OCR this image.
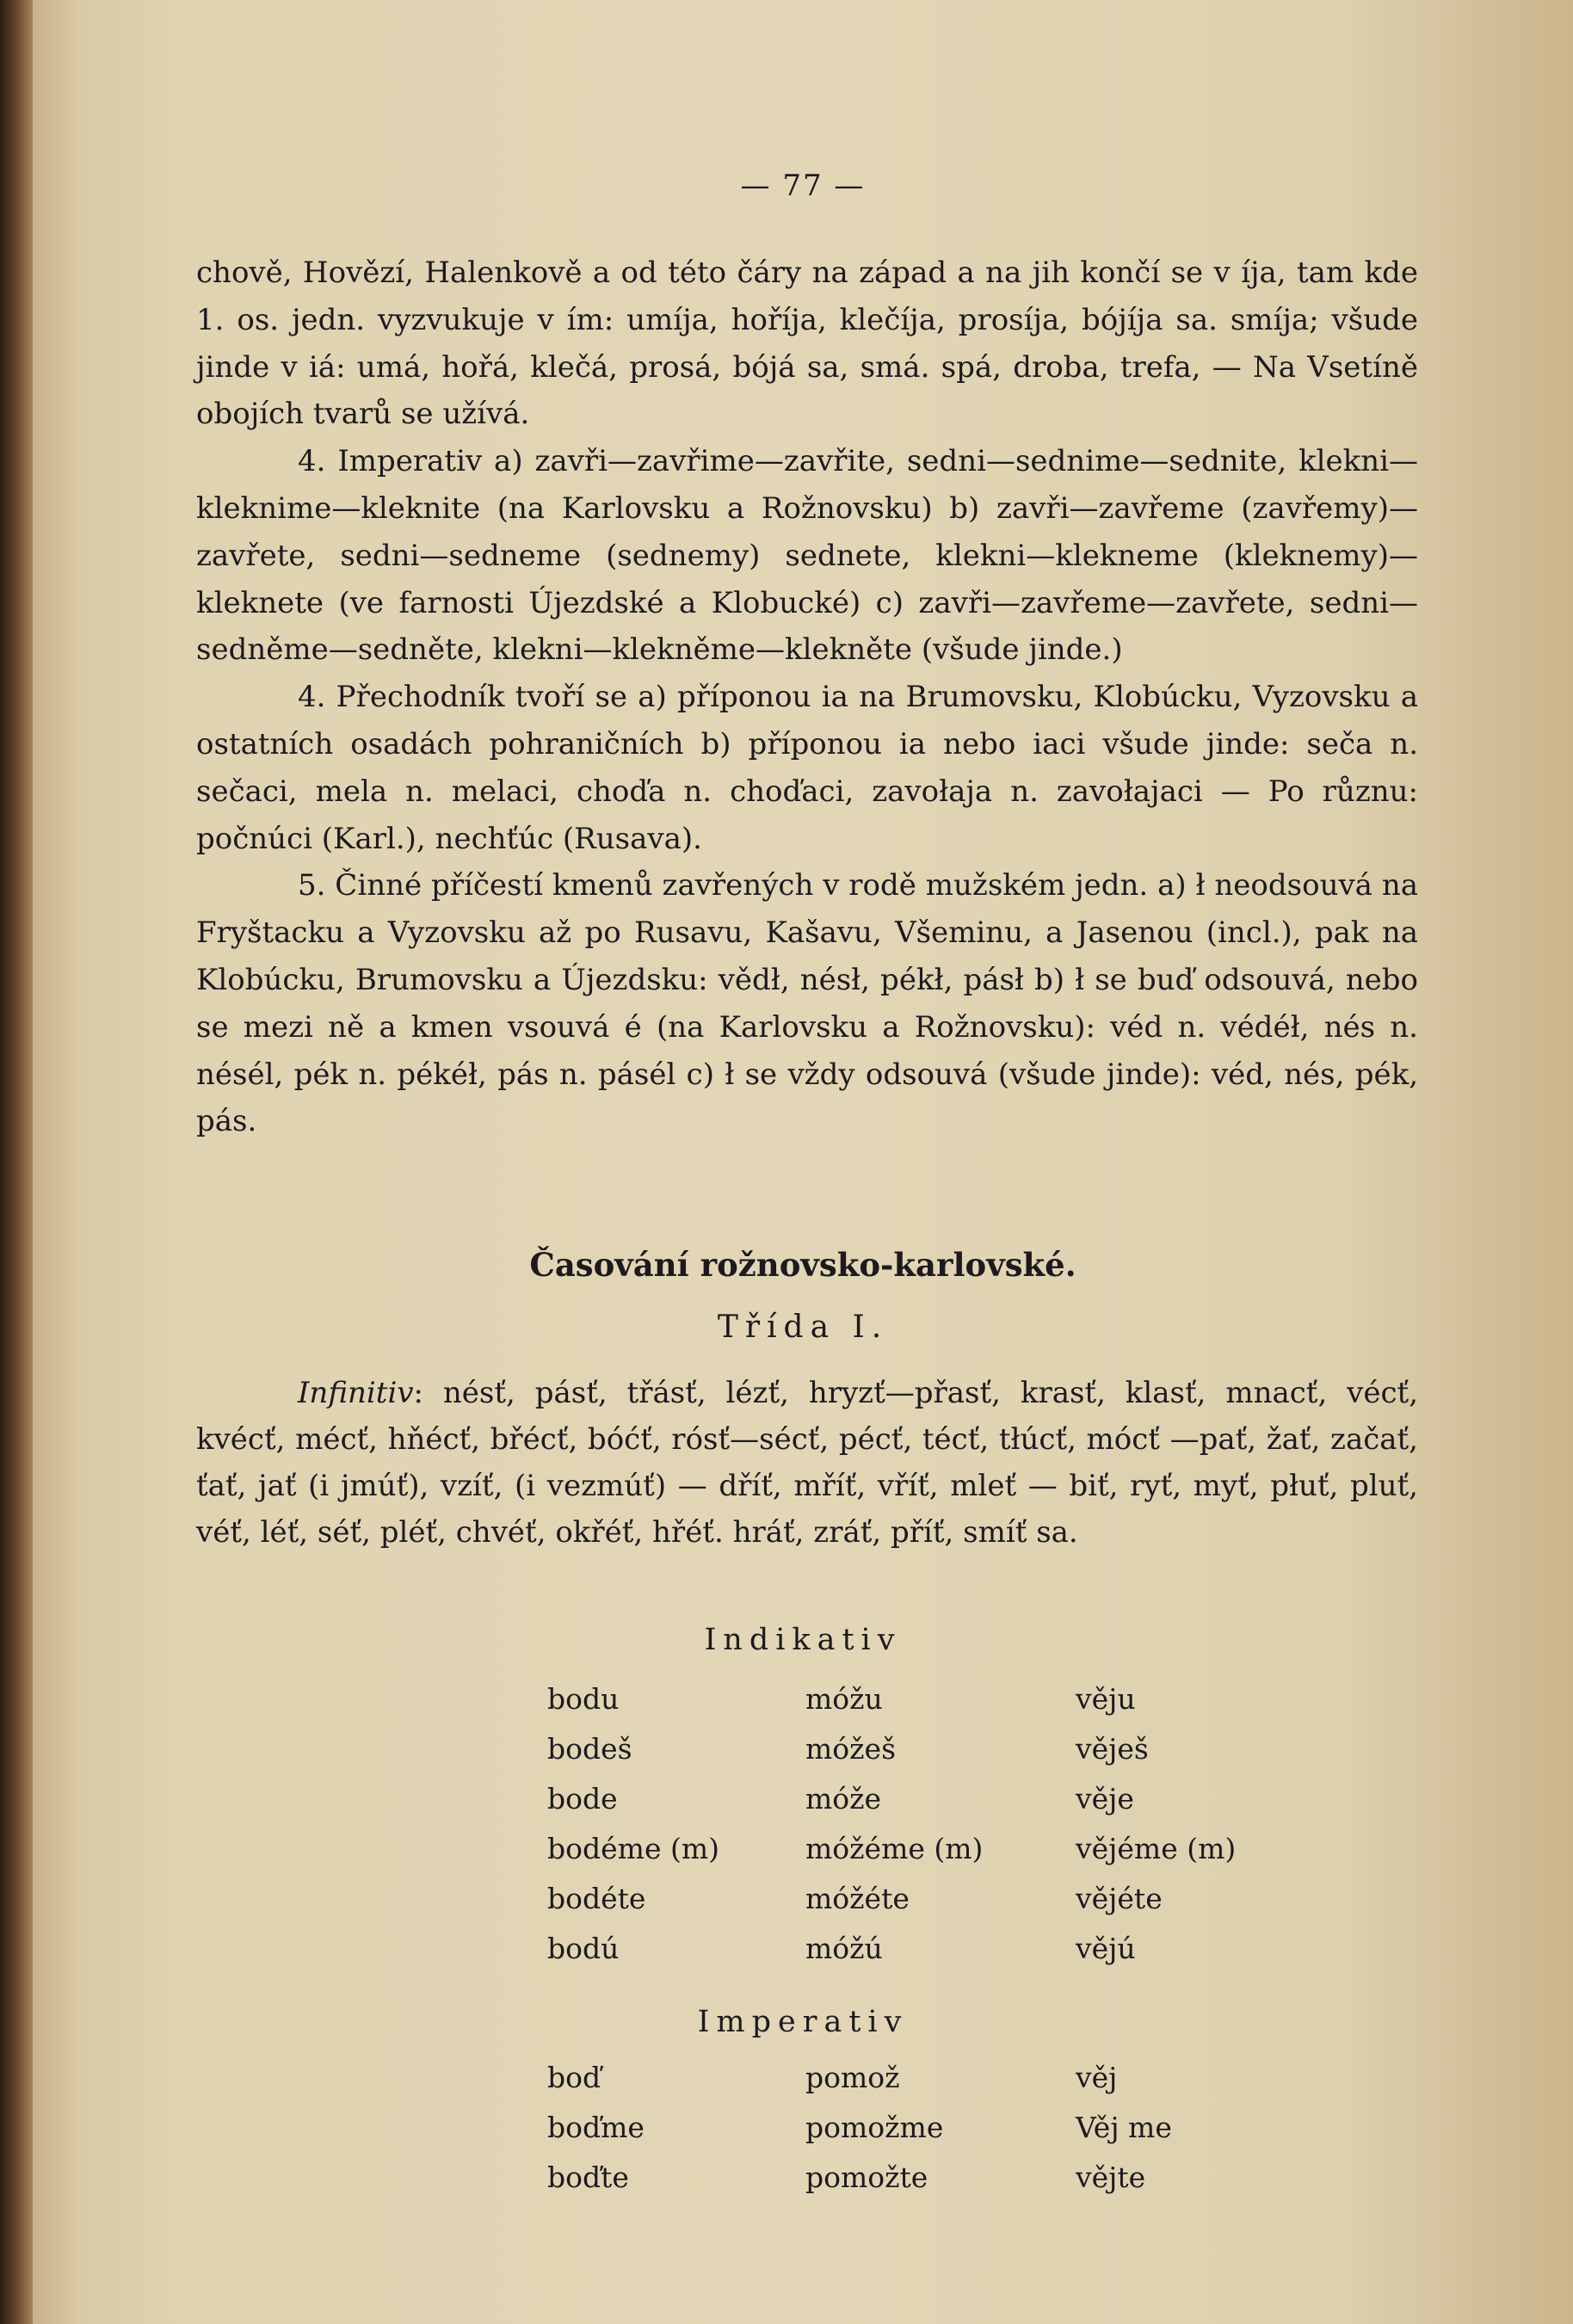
— 77 —

chově, Hovězí, Halenkově a od této čáry na západ a na jih končí se v íja, tam kde 1. os. jedn. vyzvukuje v ím: umíja, hoříja, klečíja, prosíja, bójíja sa. smíja; všude jinde v iá: umá, hořá, klečá, prosá, bójá sa, smá. spá, droba, trefa, — Na Vsetíně obojích tvarů se užívá.

4. Imperativ a) zavři—zavřime—zavřite, sedni—sednime—sednite, klekni—kleknime—kleknite (na Karlovsku a Rožnovsku) b) zavři—zavřeme (zavřemy)—zavřete, sedni—sedneme (sednemy) sednete, klekni—klekneme (kleknemy)—kleknete (ve farnosti Újezdské a Klobucké) c) zavři—zavřeme—zavřete, sedni—sedněme—sedněte, klekni—klekněme—klekněte (všude jinde.)

4. Přechodník tvoří se a) příponou ia na Brumovsku, Klobúcku, Vyzovsku a ostatních osadách pohraničních b) příponou ia nebo iaci všude jinde: seča n. sečaci, mela n. melaci, choďa n. choďaci, zavołaja n. zavołajaci — Po různu: počnúci (Karl.), nechťúc (Rusava).

5. Činné příčestí kmenů zavřených v rodě mužském jedn. a) ł neodsouvá na Fryštacku a Vyzovsku až po Rusavu, Kašavu, Všeminu, a Jasenou (incl.), pak na Klobúcku, Brumovsku a Újezdsku: vědł, nésł, pékł, pásł b) ł se buď odsouvá, nebo se mezi ně a kmen vsouvá é (na Karlovsku a Rožnovsku): véd n. védéł, nés n. nésél, pék n. pékéł, pás n. pásél c) ł se vždy odsouvá (všude jinde): véd, nés, pék, pás.

Časování rožnovsko-karlovské.
Třída I.

Infinitiv: nésť, pásť, třásť, lézť, hryzť—přasť, krasť, klasť, mnacť, vécť, kvécť, mécť, hňécť, břécť, bóćť, rósť—sécť, pécť, técť, tłúcť, mócť —pať, žať, začať, ťať, jať (i jmúť), vzíť, (i vezmúť) — dříť, mříť, vříť, mleť — biť, ryť, myť, płuť, pluť, véť, léť, séť, pléť, chvéť, okřéť, hřéť. hráť, zráť, příť, smíť sa.

Indikativ
bodu
bodeš
bode
bodéme (m)
bodéte
bodú
móžu
móžeš
móže
móžéme (m)
móžéte
móžú
věju
věješ
věje
vějéme (m)
vějéte
vějú
Imperativ
boď
boďme
boďte
pomož
pomožme
pomožte
věj
Věj me
vějte
